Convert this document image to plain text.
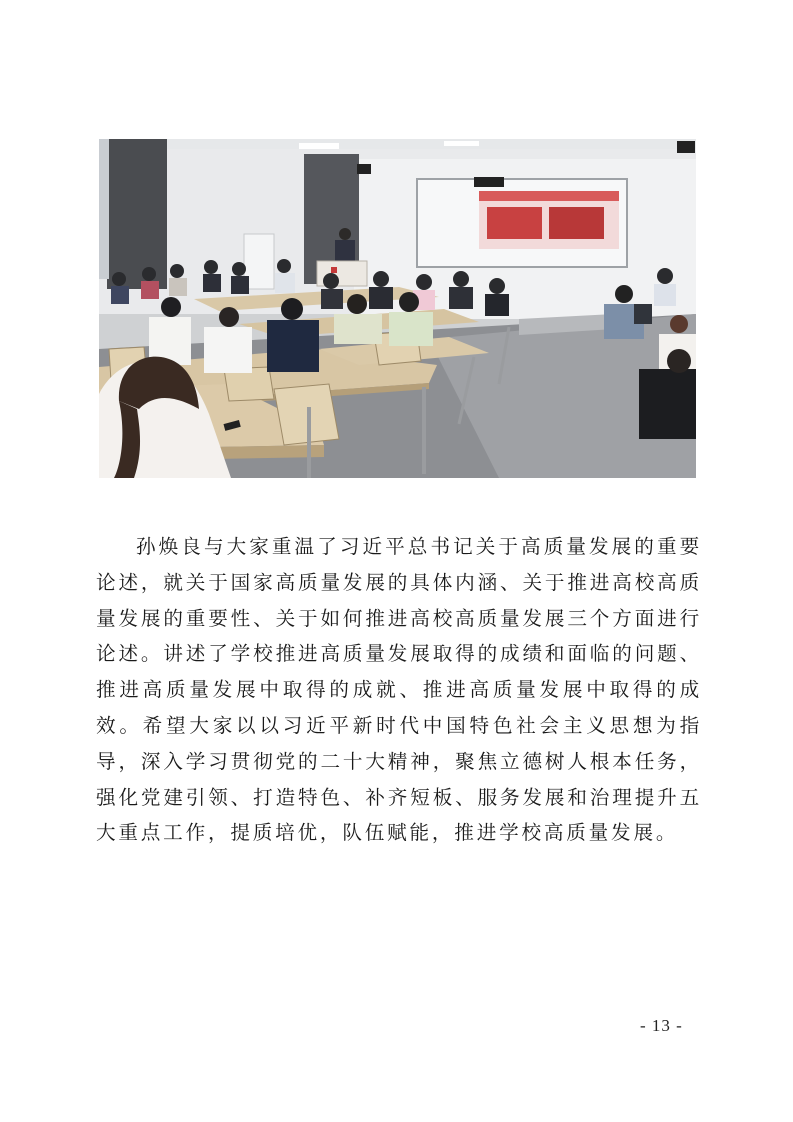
孙焕良与大家重温了习近平总书记关于高质量发展的重要论述，就关于国家高质量发展的具体内涵、关于推进高校高质量发展的重要性、关于如何推进高校高质量发展三个方面进行论述。讲述了学校推进高质量发展取得的成绩和面临的问题、推进高质量发展中取得的成就、推进高质量发展中取得的成效。希望大家以以习近平新时代中国特色社会主义思想为指导，深入学习贯彻党的二十大精神，聚焦立德树人根本任务，强化党建引领、打造特色、补齐短板、服务发展和治理提升五大重点工作，提质培优，队伍赋能，推进学校高质量发展。

- 13 -
